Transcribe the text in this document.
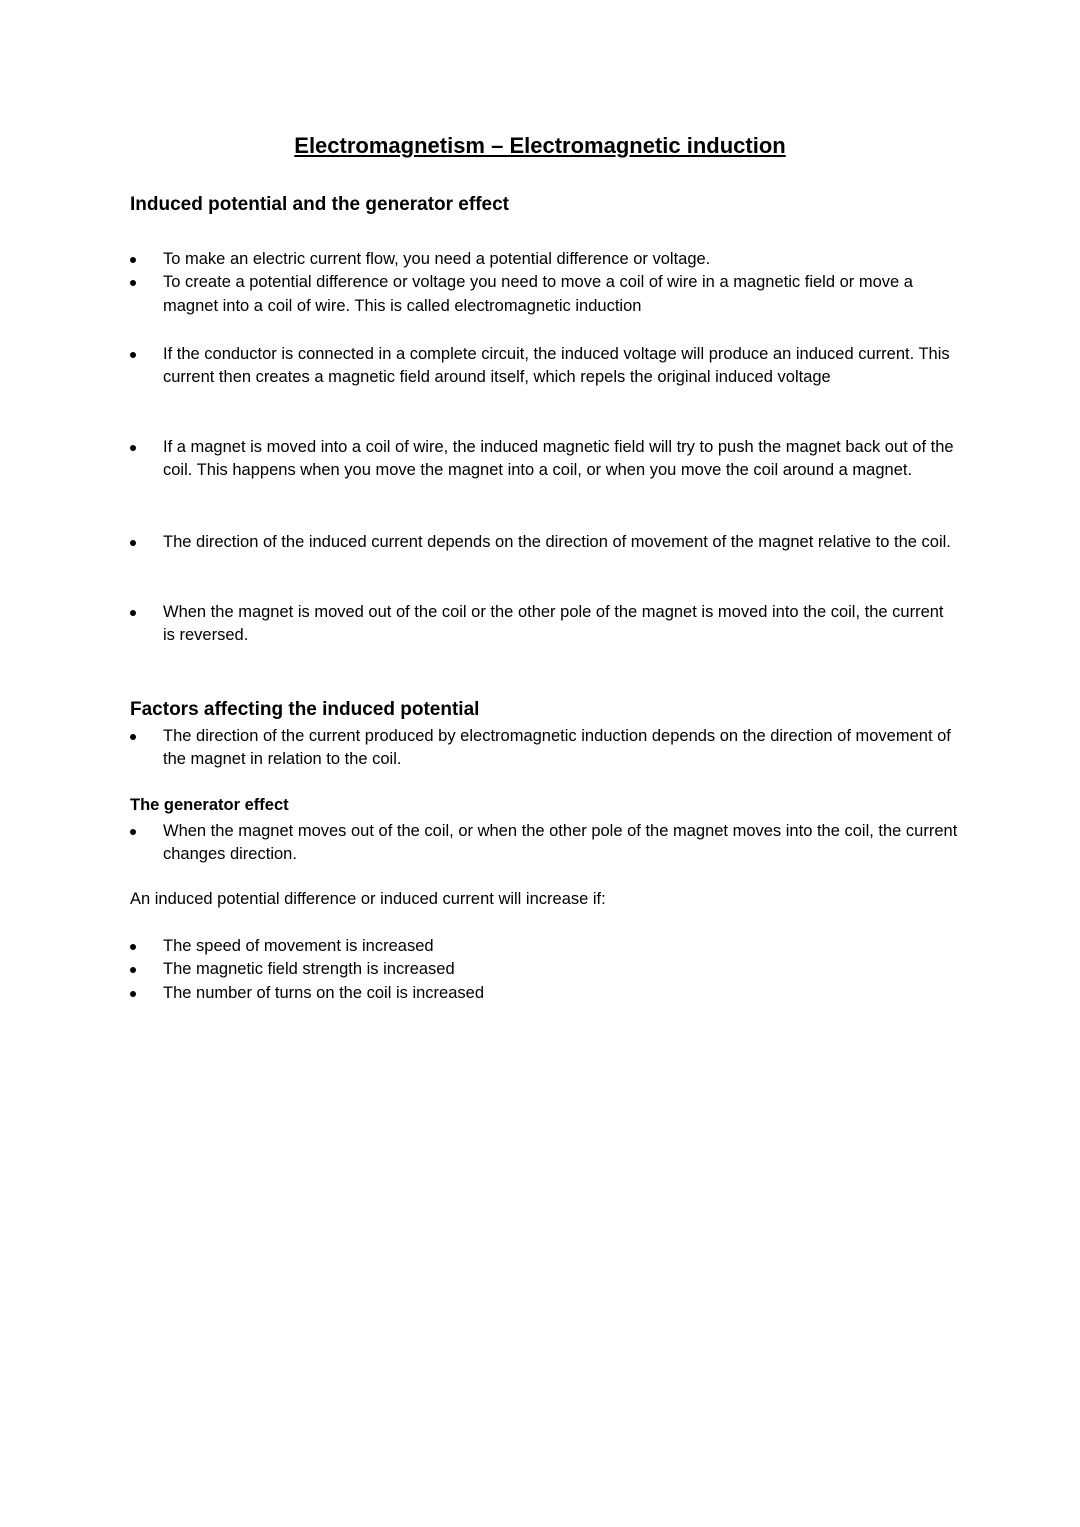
Electromagnetism – Electromagnetic induction
Induced potential and the generator effect
To make an electric current flow, you need a potential difference or voltage.
To create a potential difference or voltage you need to move a coil of wire in a magnetic field or move a magnet into a coil of wire. This is called electromagnetic induction
If the conductor is connected in a complete circuit, the induced voltage will produce an induced current. This current then creates a magnetic field around itself, which repels the original induced voltage
If a magnet is moved into a coil of wire, the induced magnetic field will try to push the magnet back out of the coil. This happens when you move the magnet into a coil, or when you move the coil around a magnet.
The direction of the induced current depends on the direction of movement of the magnet relative to the coil.
When the magnet is moved out of the coil or the other pole of the magnet is moved into the coil, the current is reversed.
Factors affecting the induced potential
The direction of the current produced by electromagnetic induction depends on the direction of movement of the magnet in relation to the coil.
The generator effect
When the magnet moves out of the coil, or when the other pole of the magnet moves into the coil, the current changes direction.

An induced potential difference or induced current will increase if:

The speed of movement is increased
The magnetic field strength is increased
The number of turns on the coil is increased
